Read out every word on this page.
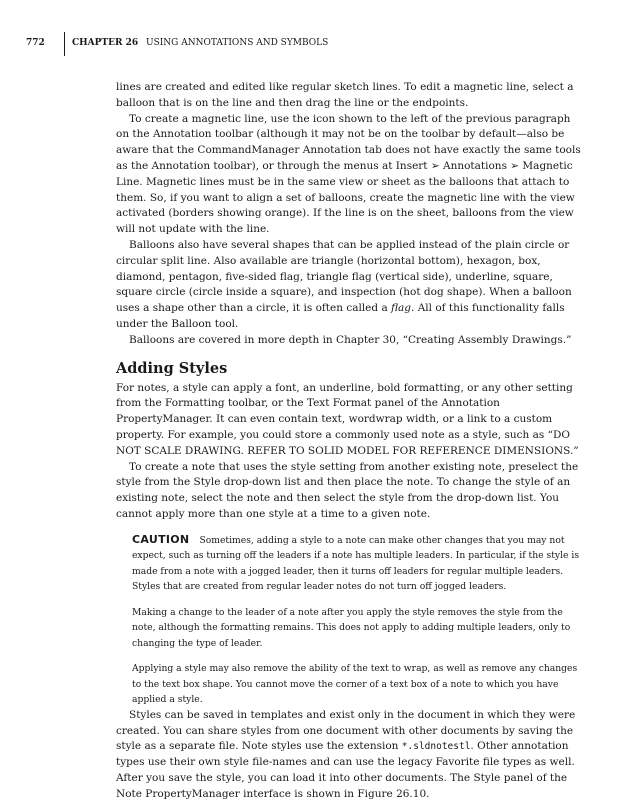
772	CHAPTER 26 USING ANNOTATIONS AND SYMBOLS

lines are created and edited like regular sketch lines. To edit a magnetic line, select a balloon that is on the line and then drag the line or the endpoints.

To create a magnetic line, use the icon shown to the left of the previous paragraph on the Annotation toolbar (although it may not be on the toolbar by default—also be aware that the CommandManager Annotation tab does not have exactly the same tools as the Annotation toolbar), or through the menus at Insert ➢ Annotations ➢ Magnetic Line. Magnetic lines must be in the same view or sheet as the balloons that attach to them. So, if you want to align a set of balloons, create the magnetic line with the view activated (borders showing orange). If the line is on the sheet, balloons from the view will not update with the line.

Balloons also have several shapes that can be applied instead of the plain circle or circular split line. Also available are triangle (horizontal bottom), hexagon, box, diamond, pentagon, five-sided flag, triangle flag (vertical side), underline, square, square circle (circle inside a square), and inspection (hot dog shape). When a balloon uses a shape other than a circle, it is often called a flag. All of this functionality falls under the Balloon tool.

Balloons are covered in more depth in Chapter 30, “Creating Assembly Drawings.”

Adding Styles

For notes, a style can apply a font, an underline, bold formatting, or any other setting from the Formatting toolbar, or the Text Format panel of the Annotation PropertyManager. It can even contain text, wordwrap width, or a link to a custom property. For example, you could store a commonly used note as a style, such as “DO NOT SCALE DRAWING. REFER TO SOLID MODEL FOR REFERENCE DIMENSIONS.”

To create a note that uses the style setting from another existing note, preselect the style from the Style drop-down list and then place the note. To change the style of an existing note, select the note and then select the style from the drop-down list. You cannot apply more than one style at a time to a given note.

CAUTION Sometimes, adding a style to a note can make other changes that you may not expect, such as turning off the leaders if a note has multiple leaders. In particular, if the style is made from a note with a jogged leader, then it turns off leaders for regular multiple leaders. Styles that are created from regular leader notes do not turn off jogged leaders.

Making a change to the leader of a note after you apply the style removes the style from the note, although the formatting remains. This does not apply to adding multiple leaders, only to changing the type of leader.

Applying a style may also remove the ability of the text to wrap, as well as remove any changes to the text box shape. You cannot move the corner of a text box of a note to which you have applied a style.

Styles can be saved in templates and exist only in the document in which they were created. You can share styles from one document with other documents by saving the style as a separate file. Note styles use the extension *.sldnotestl. Other annotation types use their own style file-names and can use the legacy Favorite file types as well. After you save the style, you can load it into other documents. The Style panel of the Note PropertyManager interface is shown in Figure 26.10.
